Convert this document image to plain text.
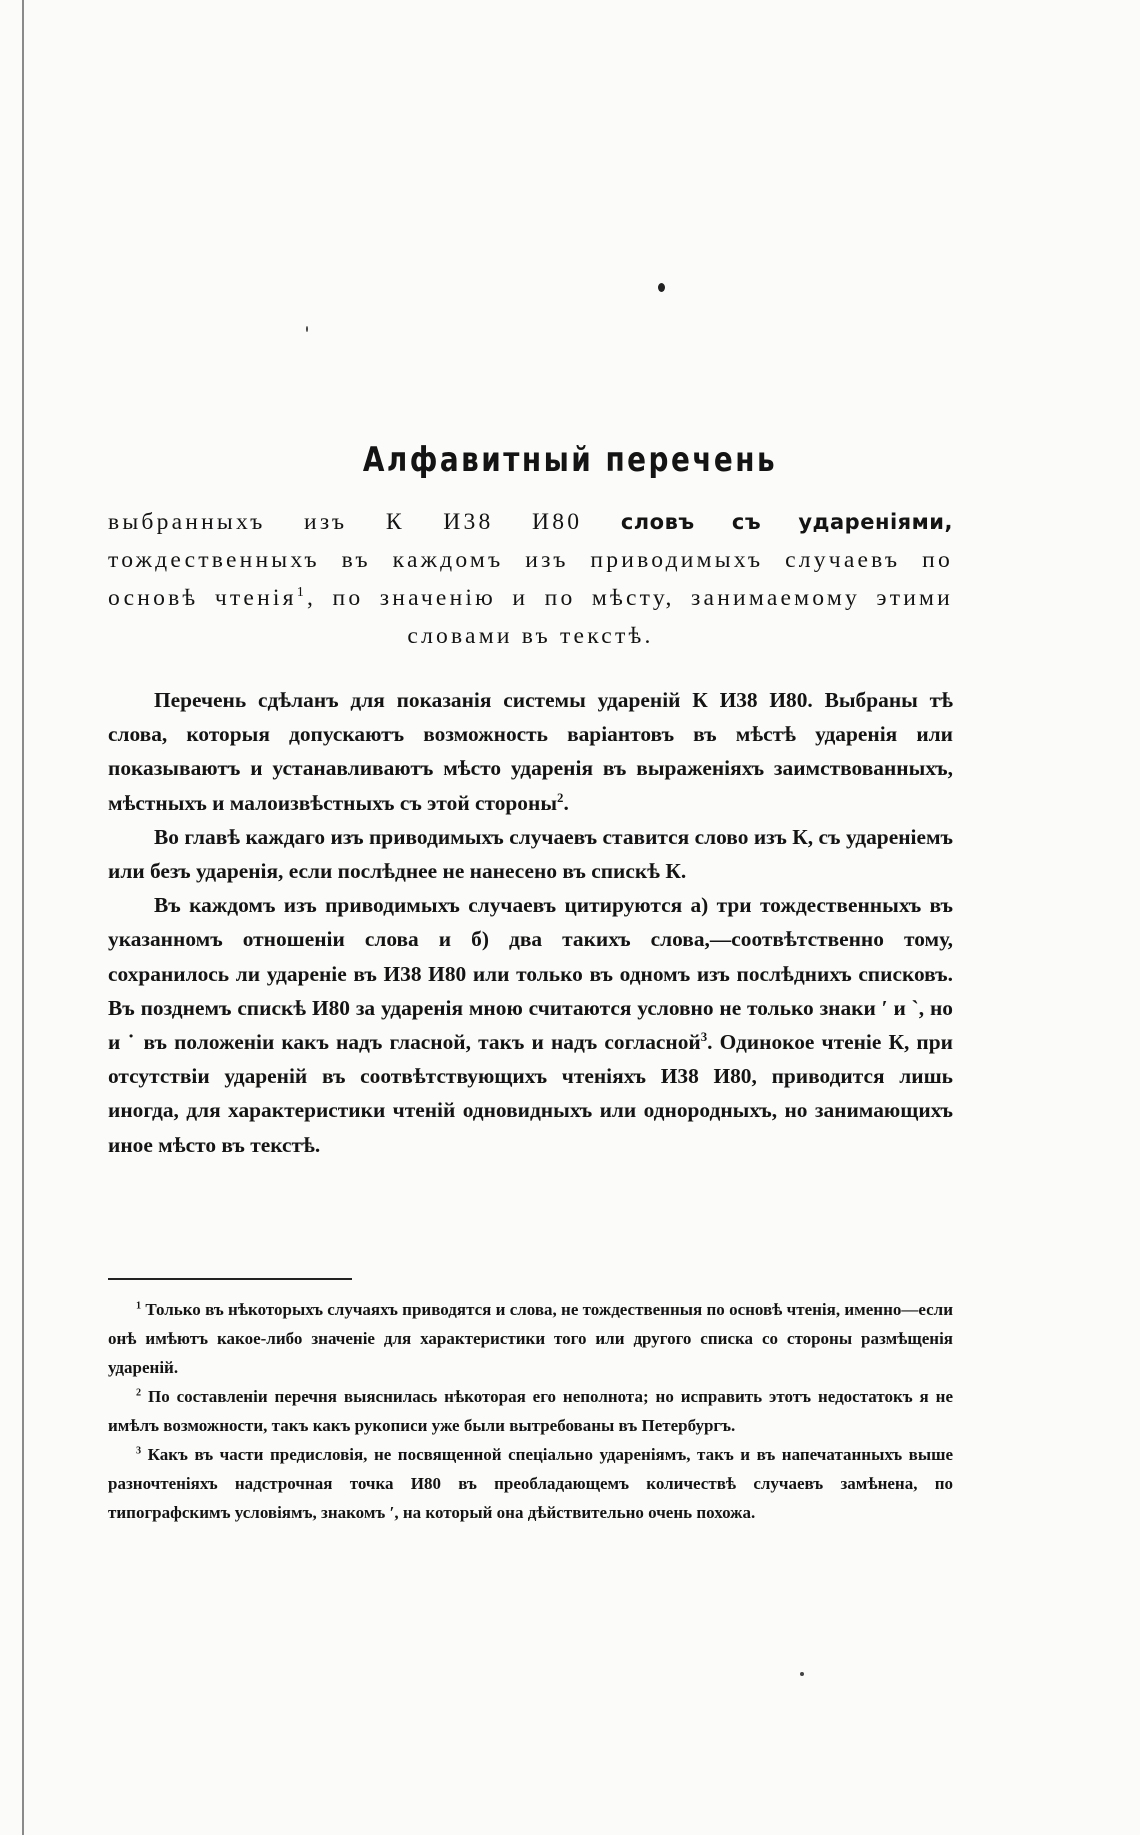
Алфавитный перечень

выбранныхъ изъ К И38 И80 словъ съ удареніями, тождественныхъ въ каждомъ изъ приводимыхъ случаевъ по основѣ чтенія$^1$, по значенію и по мѣсту, занимаемому этими словами въ текстѣ.

Перечень сдѣланъ для показанія системы удареній К И38 И80. Выбраны тѣ слова, которыя допускаютъ возможность варіантовъ въ мѣстѣ ударенія или показываютъ и устанавливаютъ мѣсто ударенія въ выраженіяхъ заимствованныхъ, мѣстныхъ и малоизвѣстныхъ съ этой стороны$^2$.

Во главѣ каждаго изъ приводимыхъ случаевъ ставится слово изъ К, съ удареніемъ или безъ ударенія, если послѣднее не нанесено въ спискѣ К.

Въ каждомъ изъ приводимыхъ случаевъ цитируются а) три тождественныхъ въ указанномъ отношеніи слова и б) два такихъ слова,—соотвѣтственно тому, сохранилось ли удареніе въ И38 И80 или только въ одномъ изъ послѣднихъ списковъ. Въ позднемъ спискѣ И80 за ударенія мною считаются условно не только знаки ′ и `, но и ˙ въ положеніи какъ надъ гласной, такъ и надъ согласной$^3$. Одинокое чтеніе К, при отсутствіи удареній въ соотвѣтствующихъ чтеніяхъ И38 И80, приводится лишь иногда, для характеристики чтеній одновидныхъ или однородныхъ, но занимающихъ иное мѣсто въ текстѣ.

$^1$ Только въ нѣкоторыхъ случаяхъ приводятся и слова, не тождественныя по основѣ чтенія, именно—если онѣ имѣютъ какое-либо значеніе для характеристики того или другого списка со стороны размѣщенія удареній.

$^2$ По составленіи перечня выяснилась нѣкоторая его неполнота; но исправить этотъ недостатокъ я не имѣлъ возможности, такъ какъ рукописи уже были вытребованы въ Петербургъ.

$^3$ Какъ въ части предисловія, не посвященной спеціально удареніямъ, такъ и въ напечатанныхъ выше разночтеніяхъ надстрочная точка И80 въ преобладающемъ количествѣ случаевъ замѣнена, по типографскимъ условіямъ, знакомъ ′, на который она дѣйствительно очень похожа.
